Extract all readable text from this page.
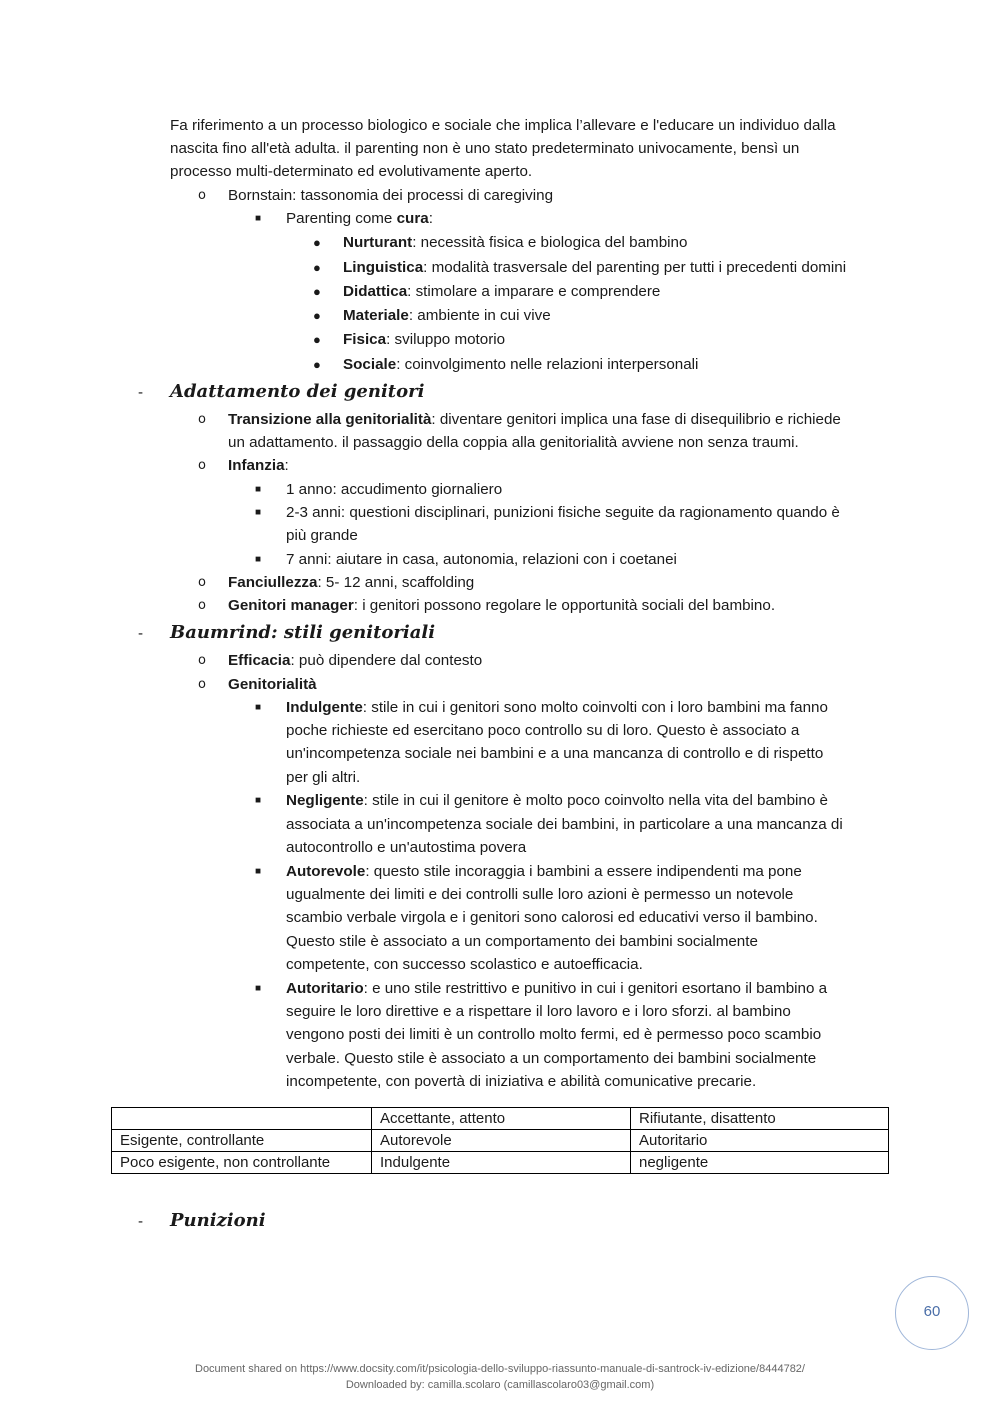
Fa riferimento a un processo biologico e sociale che implica l’allevare e l'educare un individuo dalla
nascita fino all'età adulta. il parenting non è uno stato predeterminato univocamente, bensì un
processo multi-determinato ed evolutivamente aperto.
o Bornstain: tassonomia dei processi di caregiving
■ Parenting come cura:
● Nurturant: necessità fisica e biologica del bambino
● Linguistica: modalità trasversale del parenting per tutti i precedenti domini
● Didattica: stimolare a imparare e comprendere
● Materiale: ambiente in cui vive
● Fisica: sviluppo motorio
● Sociale: coinvolgimento nelle relazioni interpersonali
- Adattamento dei genitori
o Transizione alla genitorialità: diventare genitori implica una fase di disequilibrio e richiede
un adattamento. il passaggio della coppia alla genitorialità avviene non senza traumi.
o Infanzia:
■ 1 anno: accudimento giornaliero
■ 2-3 anni: questioni disciplinari, punizioni fisiche seguite da ragionamento quando è
più grande
■ 7 anni: aiutare in casa, autonomia, relazioni con i coetanei
o Fanciullezza: 5- 12 anni, scaffolding
o Genitori manager: i genitori possono regolare le opportunità sociali del bambino.
- Baumrind: stili genitoriali
o Efficacia: può dipendere dal contesto
o Genitorialità
■ Indulgente: stile in cui i genitori sono molto coinvolti con i loro bambini ma fanno
poche richieste ed esercitano poco controllo su di loro. Questo è associato a
un'incompetenza sociale nei bambini e a una mancanza di controllo e di rispetto
per gli altri.
■ Negligente: stile in cui il genitore è molto poco coinvolto nella vita del bambino è
associata a un'incompetenza sociale dei bambini, in particolare a una mancanza di
autocontrollo e un'autostima povera
■ Autorevole: questo stile incoraggia i bambini a essere indipendenti ma pone
ugualmente dei limiti e dei controlli sulle loro azioni è permesso un notevole
scambio verbale virgola e i genitori sono calorosi ed educativi verso il bambino.
Questo stile è associato a un comportamento dei bambini socialmente
competente, con successo scolastico e autoefficacia.
■ Autoritario: e uno stile restrittivo e punitivo in cui i genitori esortano il bambino a
seguire le loro direttive e a rispettare il loro lavoro e i loro sforzi. al bambino
vengono posti dei limiti è un controllo molto fermi, ed è permesso poco scambio
verbale. Questo stile è associato a un comportamento dei bambini socialmente
incompetente, con povertà di iniziativa e abilità comunicative precarie.
	Accettante, attento	Rifiutante, disattento
Esigente, controllante	Autorevole	Autoritario
Poco esigente, non controllante	Indulgente	negligente
- Punizioni
60
Document shared on https://www.docsity.com/it/psicologia-dello-sviluppo-riassunto-manuale-di-santrock-iv-edizione/8444782/
Downloaded by: camilla.scolaro (camillascolaro03@gmail.com)
